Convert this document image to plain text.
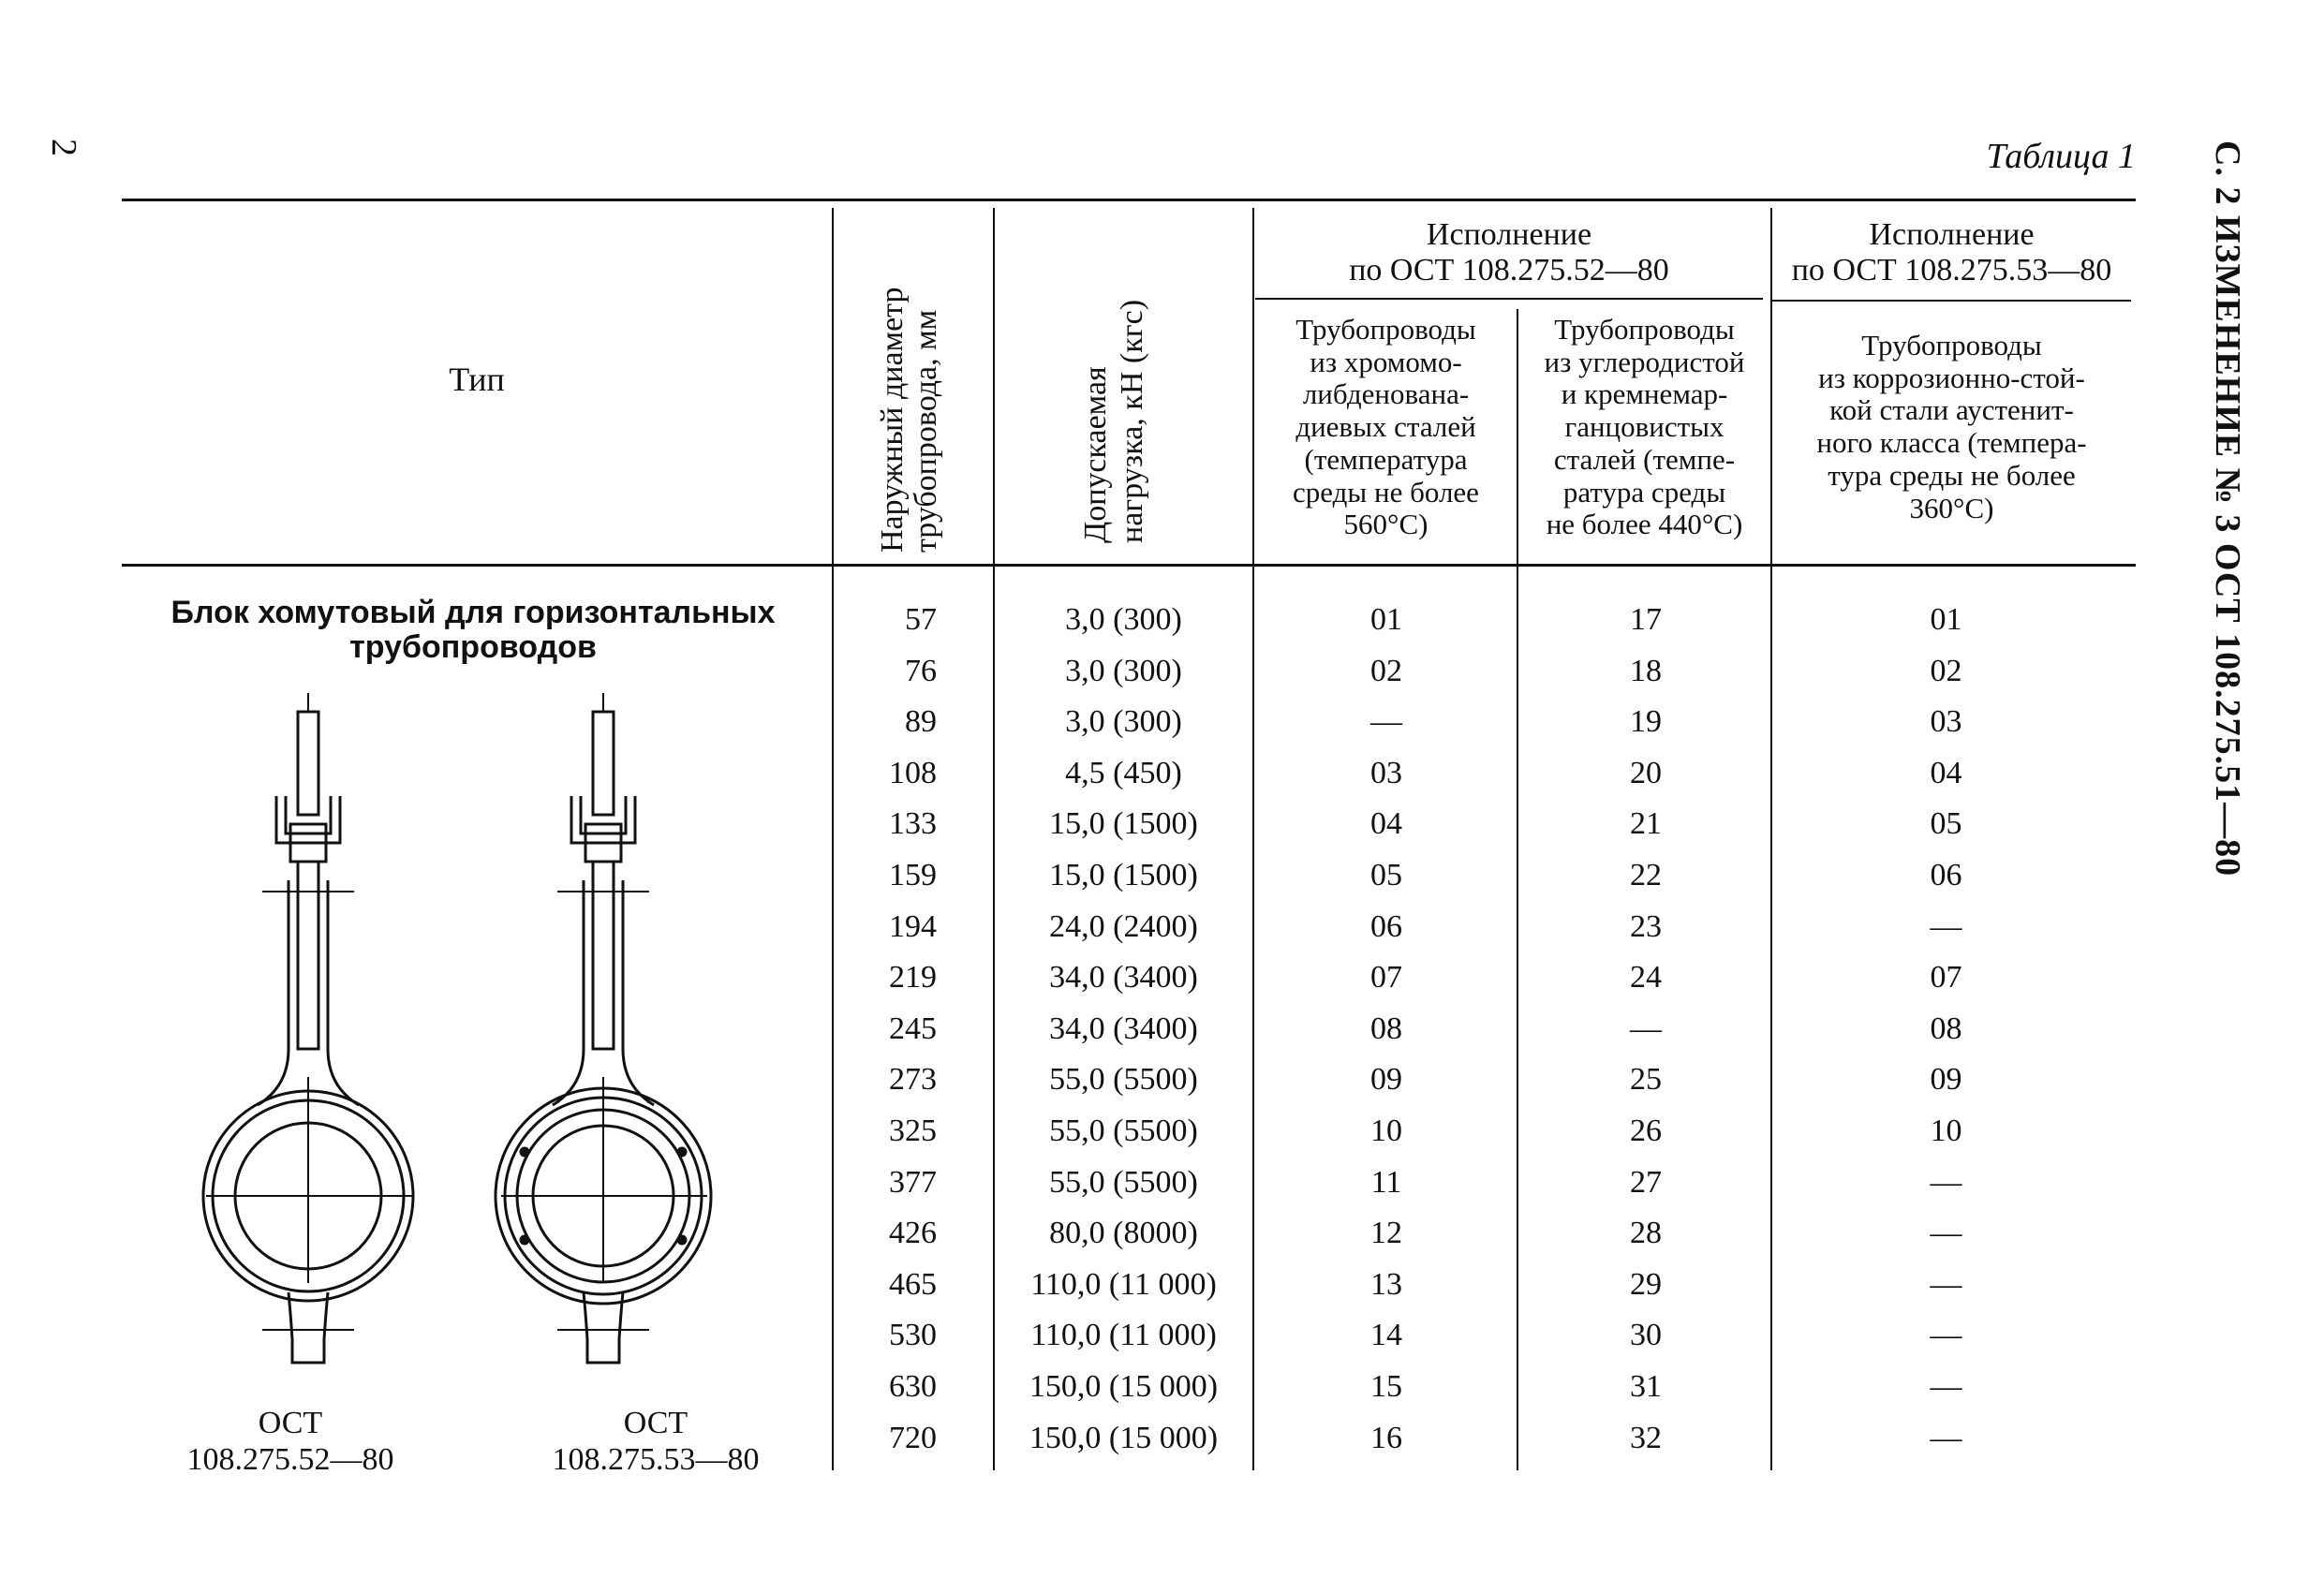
2	Таблица 1 С. 2 ИЗМЕНЕНИЕ № 3 ОСТ 108.275.51—80
Тип	Наружный диаметр
трубопровода, мм	Допускаемая нагрузка, кН (кгс)
Исполнение
по ОСТ 108.275.52—80
Трубопроводы
из хромомо-
либденована-
диевых сталей
(температура
среды не более
560°C)
Трубопроводы
из углеродистой
и кремнемар-
ганцовистых
сталей (темпе-
ратура среды
не более 440°C)
Исполнение
по ОСТ 108.275.53—80
Трубопроводы
из коррозионно-стой-
кой стали аустенит-
ного класса (темпера-
тура среды не более
360°C)
Блок хомутовый для горизонтальных
трубопроводов
ОСТ
108.275.52—80
ОСТ
108.275.53—80
57	3,0 (300)	01	17	01
76	3,0 (300)	02	18	02
89	3,0 (300)	—	19	03
108	4,5 (450)	03	20	04
133	15,0 (1500)	04	21	05
159	15,0 (1500)	05	22	06
194	24,0 (2400)	06	23	—
219	34,0 (3400)	07	24	07
245	34,0 (3400)	08	—	08
273	55,0 (5500)	09	25	09
325	55,0 (5500)	10	26	10
377	55,0 (5500)	11	27	—
426	80,0 (8000)	12	28	—
465	110,0 (11 000)	13	29	—
530	110,0 (11 000)	14	30	—
630	150,0 (15 000)	15	31	—
720	150,0 (15 000)	16	32	—
